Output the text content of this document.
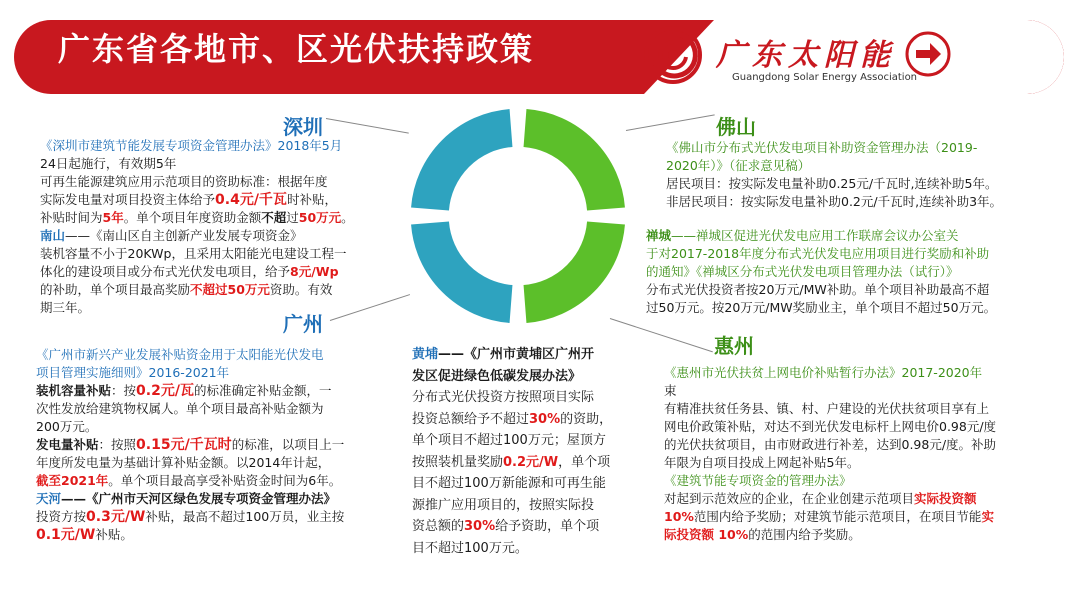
广东省各地市、区光伏扶持政策	广东太阳能
Guangdong Solar Energy Association
深圳

《深圳市建筑节能发展专项资金管理办法》2018年5月

24日起施行，有效期5年

可再生能源建筑应用示范项目的资助标准：根据年度

实际发电量对项目投资主体给予0.4元/千瓦时补贴，

补贴时间为5年。单个项目年度资助金额不超过50万元。

南山——《南山区自主创新产业发展专项资金》

装机容量不小于20KWp，且采用太阳能光电建设工程一

体化的建设项目或分布式光伏发电项目，给予8元/Wp

的补助，单个项目最高奖励不超过50万元资助。有效

期三年。

广州

《广州市新兴产业发展补贴资金用于太阳能光伏发电

项目管理实施细则》2016-2021年

装机容量补贴：按0.2元/瓦的标准确定补贴金额，一

次性发放给建筑物权属人。单个项目最高补贴金额为

200万元。

发电量补贴：按照0.15元/千瓦时的标准，以项目上一

年度所发电量为基础计算补贴金额。以2014年计起，

截至2021年。单个项目最高享受补贴资金时间为6年。

天河——《广州市天河区绿色发展专项资金管理办法》

投资方按0.3元/W补贴，最高不超过100万员，业主按

0.1元/W补贴。

黄埔——《广州市黄埔区广州开

发区促进绿色低碳发展办法》

分布式光伏投资方按照项目实际

投资总额给予不超过30%的资助，

单个项目不超过100万元；屋顶方

按照装机量奖励0.2元/W，单个项

目不超过100万新能源和可再生能

源推广应用项目的，按照实际投

资总额的30%给予资助，单个项

目不超过100万元。

佛山

《佛山市分布式光伏发电项目补助资金管理办法（2019-

2020年）》（征求意见稿）

居民项目：按实际发电量补助0.25元/千瓦时,连续补助5年。

非居民项目：按实际发电量补助0.2元/千瓦时,连续补助3年。

禅城——禅城区促进光伏发电应用工作联席会议办公室关

于对2017-2018年度分布式光伏发电应用项目进行奖励和补助

的通知》《禅城区分布式光伏发电项目管理办法（试行）》

分布式光伏投资者按20万元/MW补助。单个项目补助最高不超

过50万元。按20万元/MW奖励业主，单个项目不超过50万元。

惠州

《惠州市光伏扶贫上网电价补贴暂行办法》2017-2020年

束

有精准扶贫任务县、镇、村、户建设的光伏扶贫项目享有上

网电价政策补贴，对达不到光伏发电标杆上网电价0.98元/度

的光伏扶贫项目，由市财政进行补差，达到0.98元/度。补助

年限为自项目投成上网起补贴5年。

《建筑节能专项资金的管理办法》

对起到示范效应的企业，在企业创建示范项目实际投资额

10%范围内给予奖励；对建筑节能示范项目，在项目节能实

际投资额 10%的范围内给予奖励。
